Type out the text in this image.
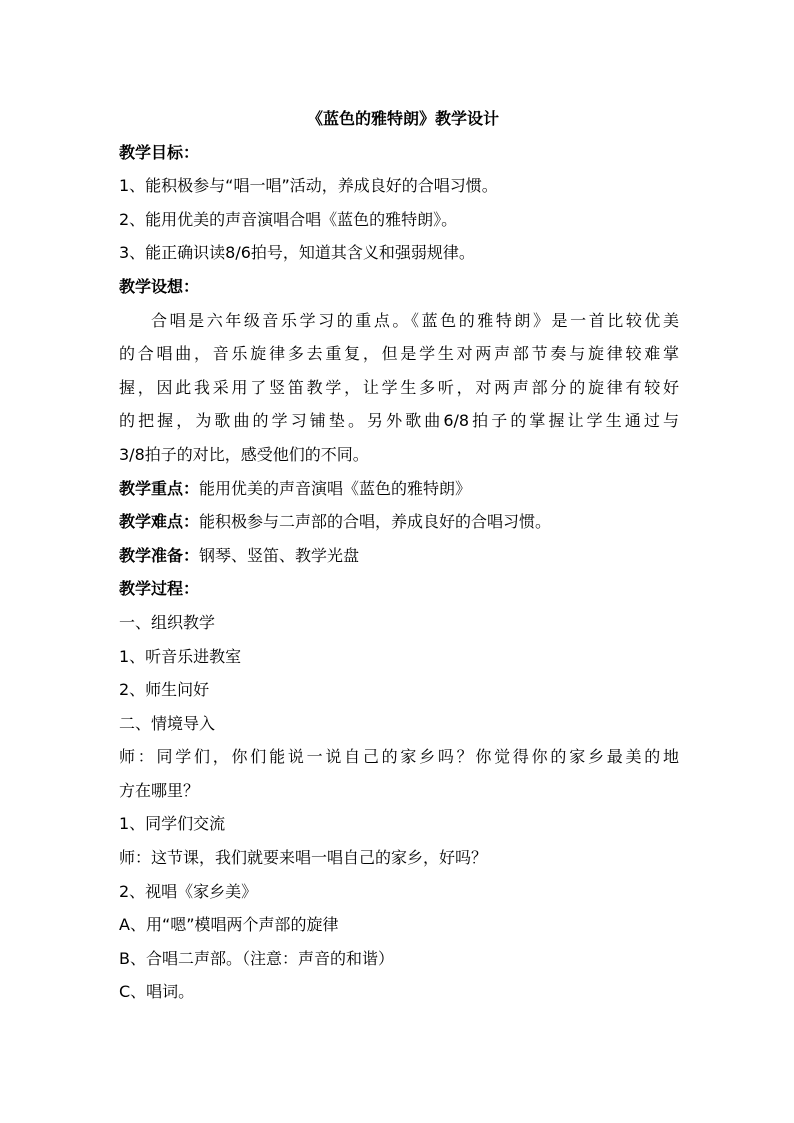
《蓝色的雅特朗》教学设计

教学目标：

1、能积极参与“唱一唱”活动，养成良好的合唱习惯。

2、能用优美的声音演唱合唱《蓝色的雅特朗》。

3、能正确识读8/6拍号，知道其含义和强弱规律。

教学设想：

合唱是六年级音乐学习的重点。《蓝色的雅特朗》是一首比较优美
的合唱曲，音乐旋律多去重复，但是学生对两声部节奏与旋律较难掌
握，因此我采用了竖笛教学，让学生多听，对两声部分的旋律有较好
的把握，为歌曲的学习铺垫。另外歌曲6/8拍子的掌握让学生通过与
3/8拍子的对比，感受他们的不同。

教学重点：能用优美的声音演唱《蓝色的雅特朗》

教学难点：能积极参与二声部的合唱，养成良好的合唱习惯。

教学准备：钢琴、竖笛、教学光盘

教学过程：

一、组织教学

1、听音乐进教室

2、师生问好

二、情境导入

师：同学们，你们能说一说自己的家乡吗？你觉得你的家乡最美的地
方在哪里？

1、同学们交流

师：这节课，我们就要来唱一唱自己的家乡，好吗？

2、视唱《家乡美》

A、用“嗯”模唱两个声部的旋律

B、合唱二声部。（注意：声音的和谐）

C、唱词。
